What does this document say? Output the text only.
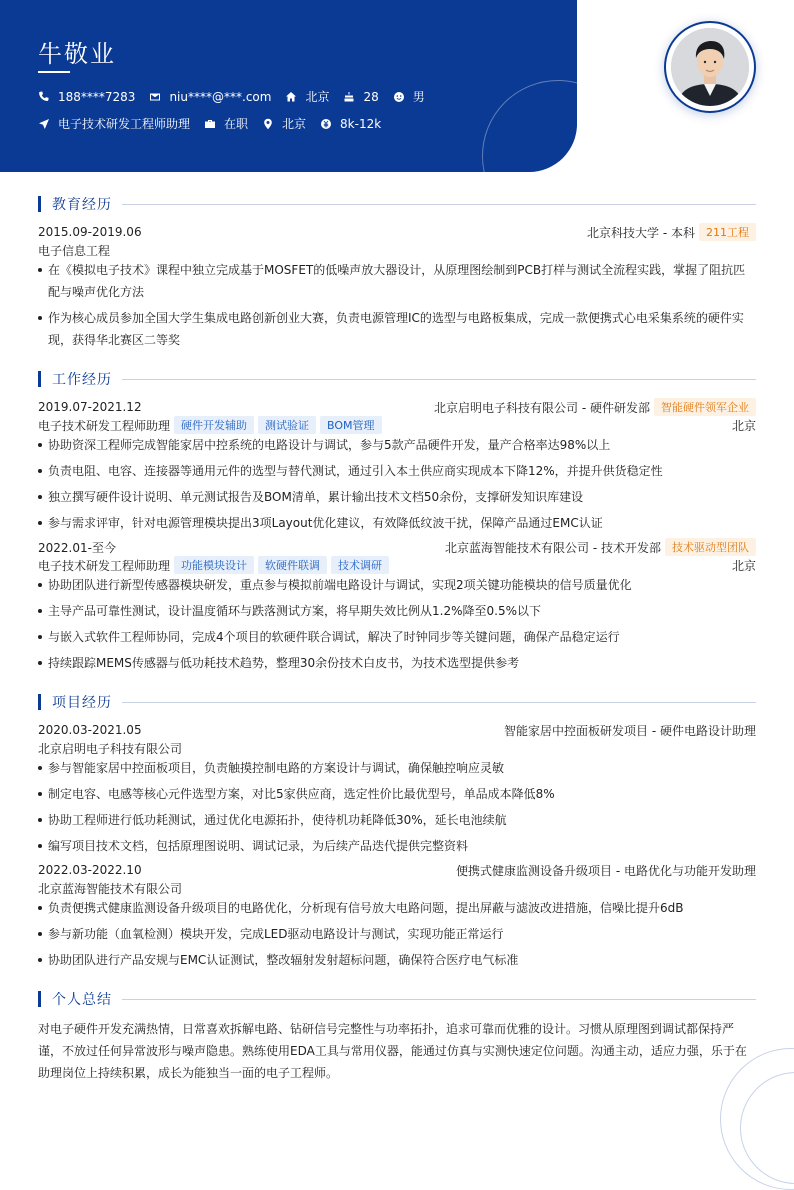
牛敬业
188****7283	niu****@***.com	北京	28	男
电子技术研发工程师助理	在职	北京	8k-12k
教育经历
2015.09-2019.06	北京科技大学 - 本科	211工程
电子信息工程
在《模拟电子技术》课程中独立完成基于MOSFET的低噪声放大器设计，从原理图绘制到PCB打样与测试全流程实践，掌握了阻抗匹配与噪声优化方法
作为核心成员参加全国大学生集成电路创新创业大赛，负责电源管理IC的选型与电路板集成，完成一款便携式心电采集系统的硬件实现，获得华北赛区二等奖
工作经历
2019.07-2021.12	北京启明电子科技有限公司 - 硬件研发部	智能硬件领军企业
电子技术研发工程师助理	硬件开发辅助	测试验证	BOM管理	北京
协助资深工程师完成智能家居中控系统的电路设计与调试，参与5款产品硬件开发，量产合格率达98%以上
负责电阻、电容、连接器等通用元件的选型与替代测试，通过引入本土供应商实现成本下降12%，并提升供货稳定性
独立撰写硬件设计说明、单元测试报告及BOM清单，累计输出技术文档50余份，支撑研发知识库建设
参与需求评审，针对电源管理模块提出3项Layout优化建议，有效降低纹波干扰，保障产品通过EMC认证
2022.01-至今	北京蓝海智能技术有限公司 - 技术开发部	技术驱动型团队
电子技术研发工程师助理	功能模块设计	软硬件联调	技术调研	北京
协助团队进行新型传感器模块研发，重点参与模拟前端电路设计与调试，实现2项关键功能模块的信号质量优化
主导产品可靠性测试，设计温度循环与跌落测试方案，将早期失效比例从1.2%降至0.5%以下
与嵌入式软件工程师协同，完成4个项目的软硬件联合调试，解决了时钟同步等关键问题，确保产品稳定运行
持续跟踪MEMS传感器与低功耗技术趋势，整理30余份技术白皮书，为技术选型提供参考
项目经历
2020.03-2021.05	智能家居中控面板研发项目 - 硬件电路设计助理
北京启明电子科技有限公司
参与智能家居中控面板项目，负责触摸控制电路的方案设计与调试，确保触控响应灵敏
制定电容、电感等核心元件选型方案，对比5家供应商，选定性价比最优型号，单品成本降低8%
协助工程师进行低功耗测试，通过优化电源拓扑，使待机功耗降低30%，延长电池续航
编写项目技术文档，包括原理图说明、调试记录，为后续产品迭代提供完整资料
2022.03-2022.10	便携式健康监测设备升级项目 - 电路优化与功能开发助理
北京蓝海智能技术有限公司
负责便携式健康监测设备升级项目的电路优化，分析现有信号放大电路问题，提出屏蔽与滤波改进措施，信噪比提升6dB
参与新功能（血氧检测）模块开发，完成LED驱动电路设计与测试，实现功能正常运行
协助团队进行产品安规与EMC认证测试，整改辐射发射超标问题，确保符合医疗电气标准
个人总结
对电子硬件开发充满热情，日常喜欢拆解电路、钻研信号完整性与功率拓扑，追求可靠而优雅的设计。习惯从原理图到调试都保持严谨，不放过任何异常波形与噪声隐患。熟练使用EDA工具与常用仪器，能通过仿真与实测快速定位问题。沟通主动，适应力强，乐于在助理岗位上持续积累，成长为能独当一面的电子工程师。
